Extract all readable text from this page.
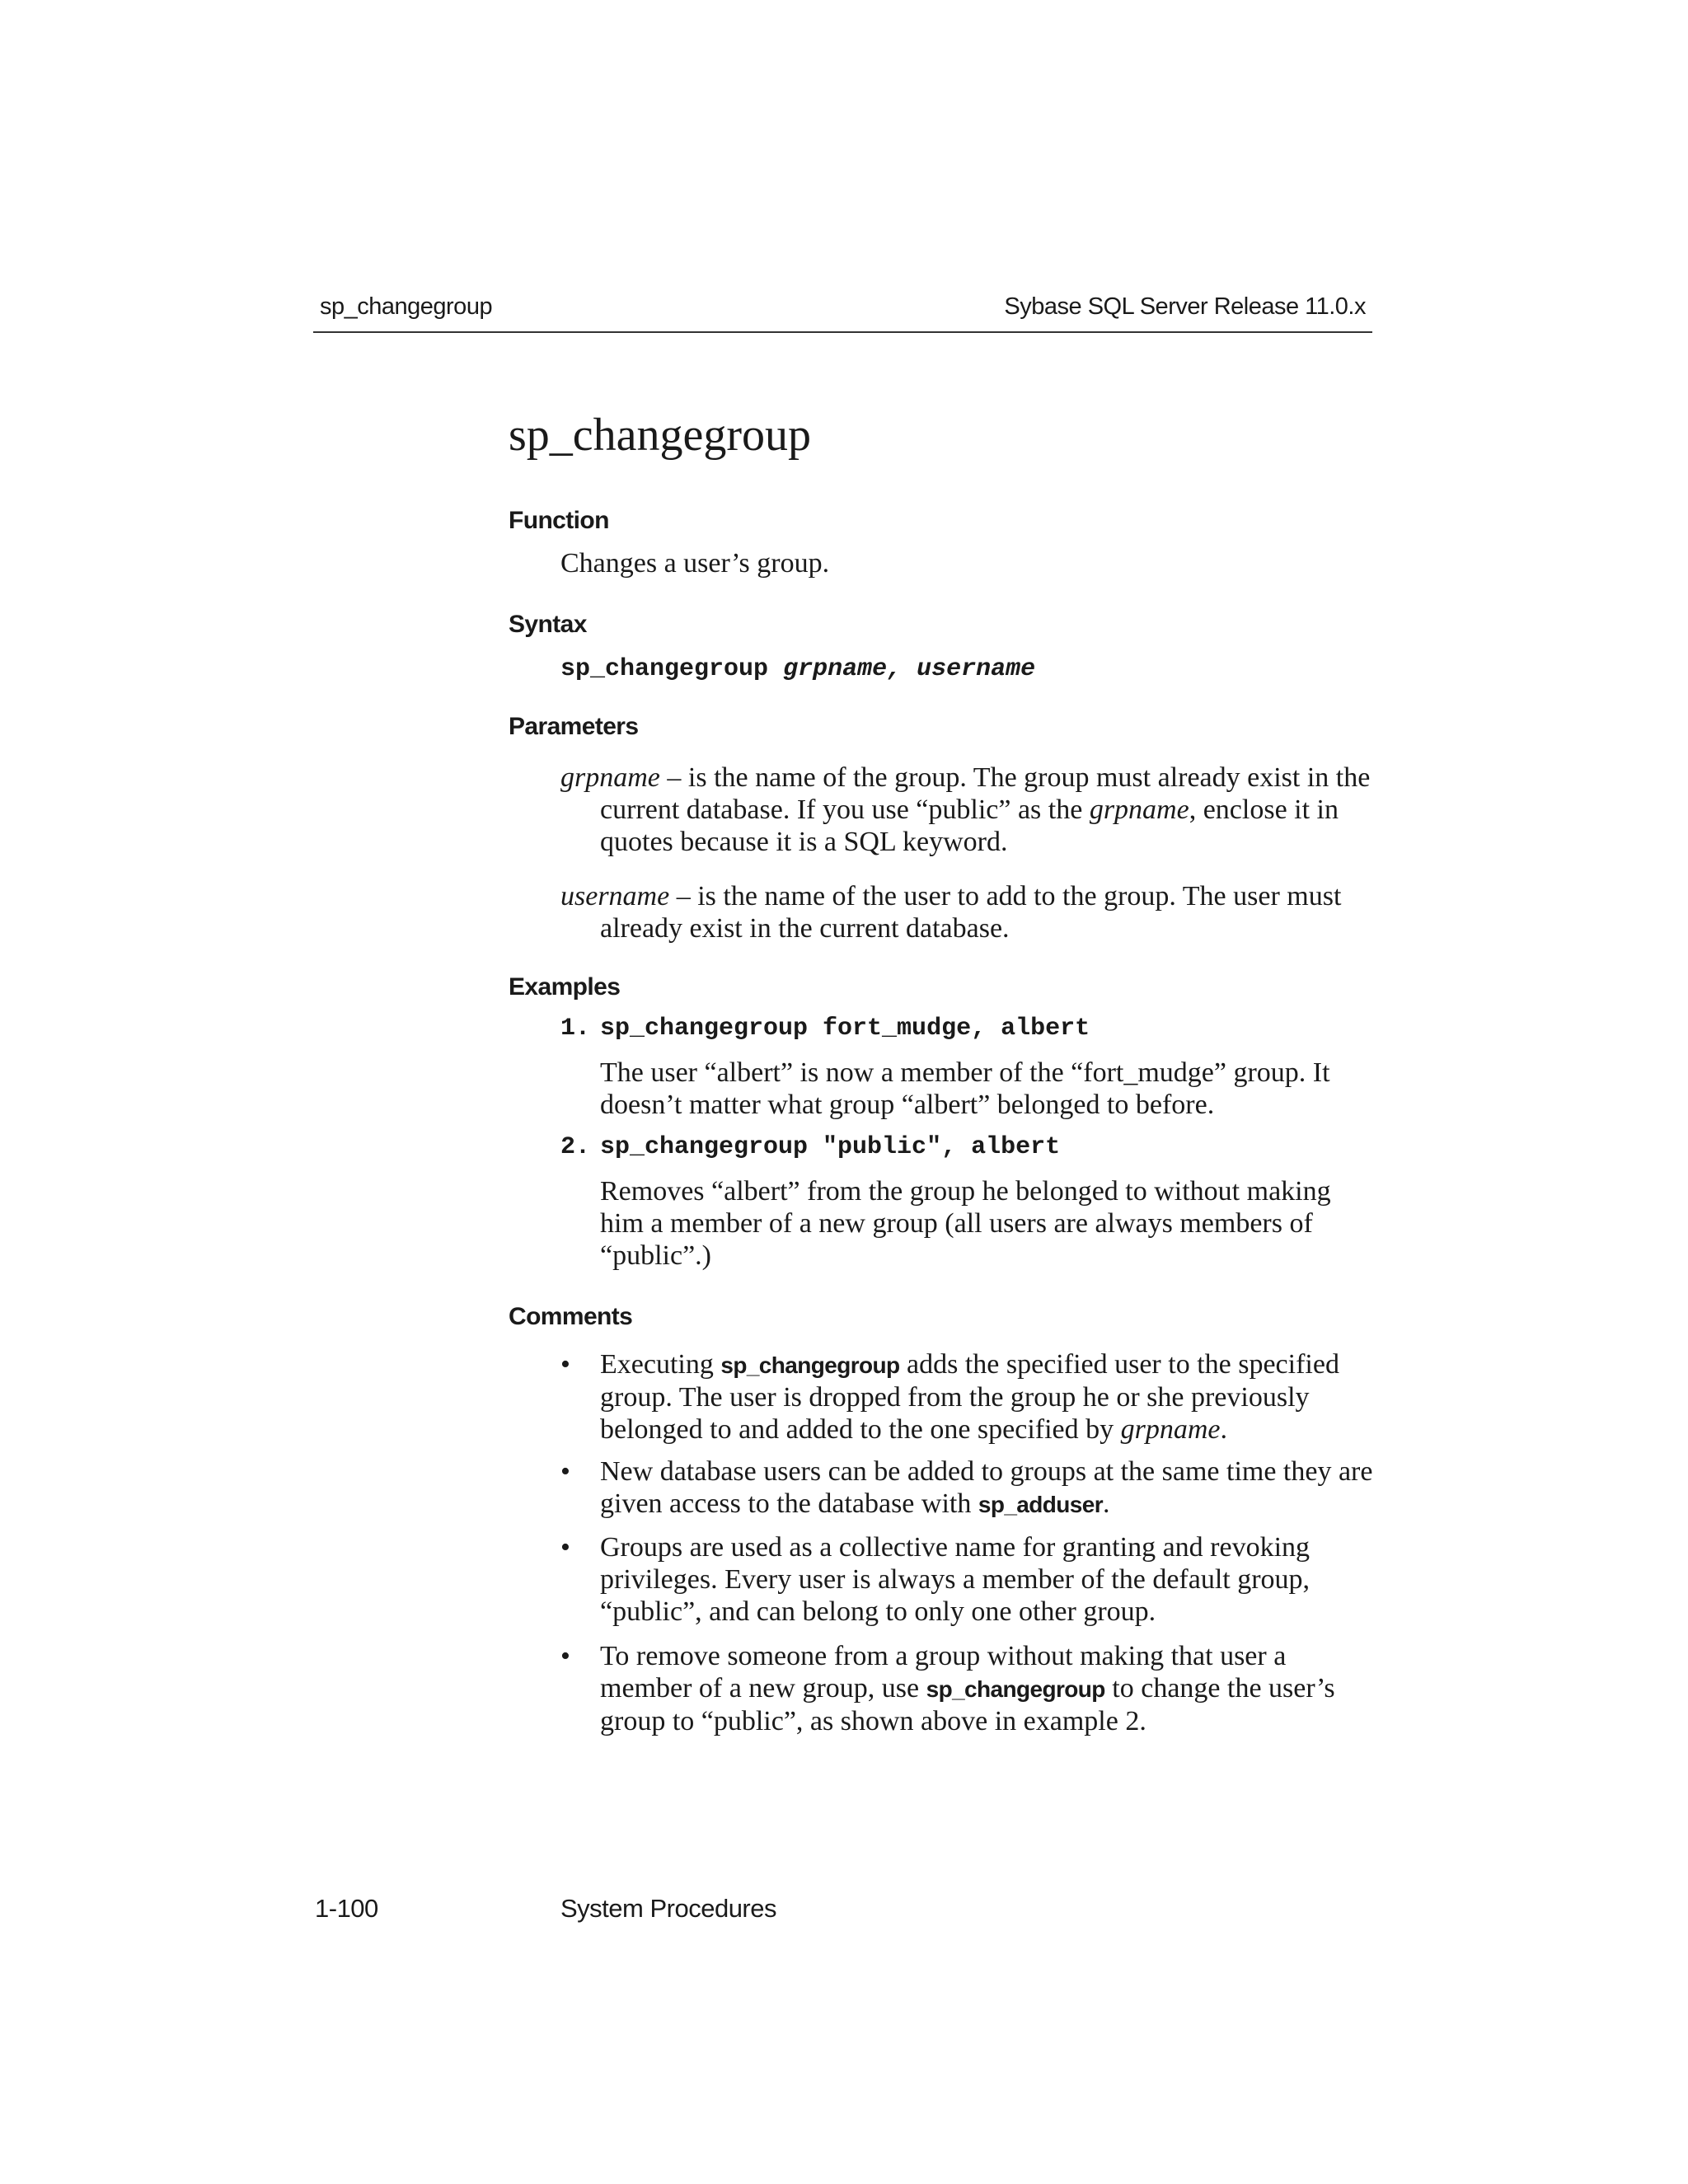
sp_changegroup	Sybase SQL Server Release 11.0.x
sp_changegroup
Function
Changes a user’s group.
Syntax
sp_changegroup grpname, username
Parameters
grpname – is the name of the group. The group must already exist in the current database. If you use “public” as the grpname, enclose it in quotes because it is a SQL keyword.
username – is the name of the user to add to the group. The user must already exist in the current database.
Examples
1. sp_changegroup fort_mudge, albert
The user “albert” is now a member of the “fort_mudge” group. It doesn’t matter what group “albert” belonged to before.
2. sp_changegroup "public", albert
Removes “albert” from the group he belonged to without making him a member of a new group (all users are always members of “public”.)
Comments
•	Executing sp_changegroup adds the specified user to the specified group. The user is dropped from the group he or she previously belonged to and added to the one specified by grpname.
•	New database users can be added to groups at the same time they are given access to the database with sp_adduser.
•	Groups are used as a collective name for granting and revoking privileges. Every user is always a member of the default group, “public”, and can belong to only one other group.
•	To remove someone from a group without making that user a member of a new group, use sp_changegroup to change the user’s group to “public”, as shown above in example 2.
1-100	System Procedures
